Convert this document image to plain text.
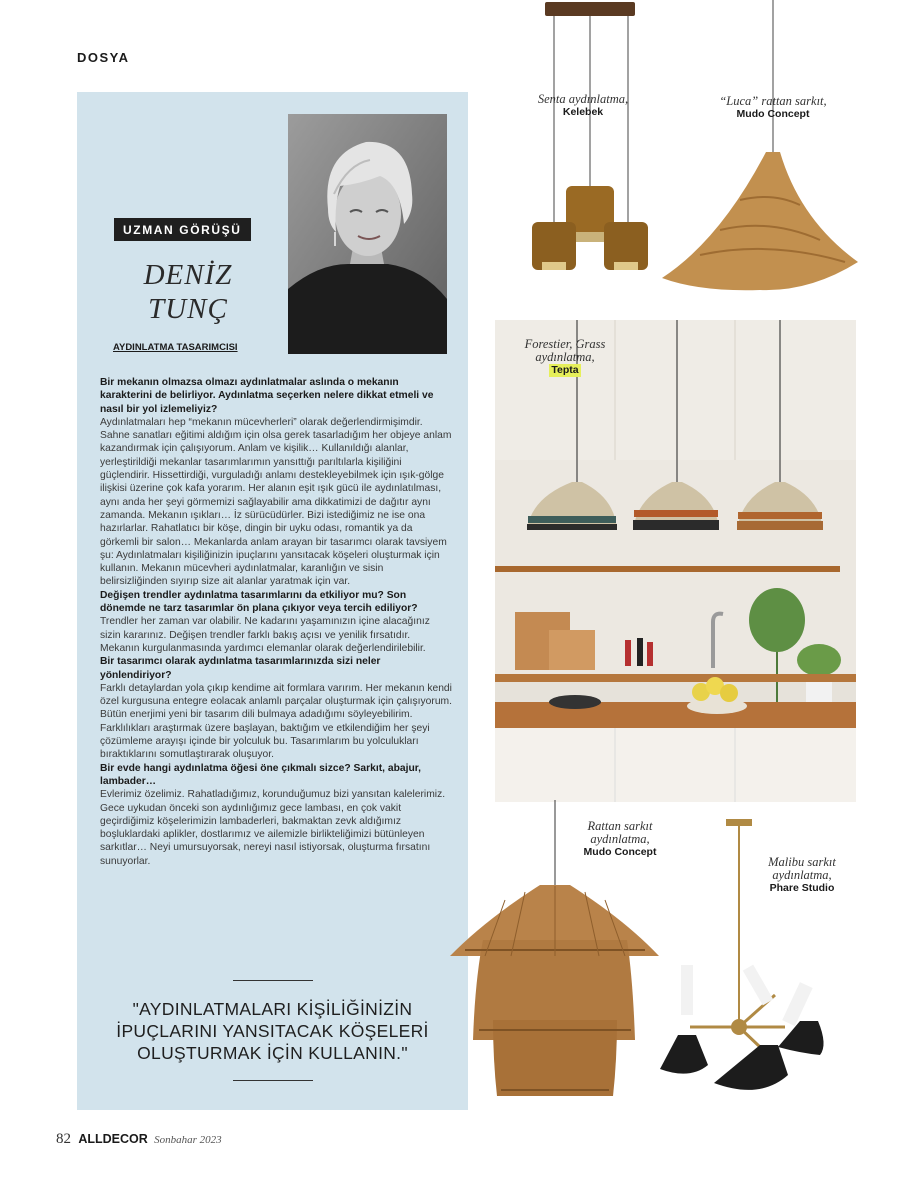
DOSYA
UZMAN GÖRÜŞÜ
DENİZ
TUNÇ
AYDINLATMA TASARIMCISI

Bir mekanın olmazsa olmazı aydınlatmalar aslında o mekanın karakterini de belirliyor. Aydınlatma seçerken nelere dikkat etmeli ve nasıl bir yol izlemeliyiz?

Aydınlatmaları hep “mekanın mücevherleri” olarak değerlendirmişimdir. Sahne sanatları eğitimi aldığım için olsa gerek tasarladığım her objeye anlam kazandırmak için çalışıyorum. Anlam ve kişilik… Kullanıldığı alanlar, yerleştirildiği mekanlar tasarımlarımın yansıttığı parıltılarla kişiliğini güçlendirir. Hissettirdiği, vurguladığı anlamı destekleyebilmek için ışık-gölge ilişkisi üzerine çok kafa yorarım. Her alanın eşit ışık gücü ile aydınlatılması, aynı anda her şeyi görmemizi sağlayabilir ama dikkatimizi de dağıtır aynı zamanda. Mekanın ışıkları… İz sürücüdürler. Bizi istediğimiz ne ise ona hazırlarlar. Rahatlatıcı bir köşe, dingin bir uyku odası, romantik ya da görkemli bir salon… Mekanlarda anlam arayan bir tasarımcı olarak tavsiyem şu: Aydınlatmaları kişiliğinizin ipuçlarını yansıtacak köşeleri oluşturmak için kullanın. Mekanın mücevheri aydınlatmalar, karanlığın ve sisin belirsizliğinden sıyırıp size ait alanlar yaratmak için var.

Değişen trendler aydınlatma tasarımlarını da etkiliyor mu? Son dönemde ne tarz tasarımlar ön plana çıkıyor veya tercih ediliyor?

Trendler her zaman var olabilir. Ne kadarını yaşamınızın içine alacağınız sizin kararınız. Değişen trendler farklı bakış açısı ve yenilik fırsatıdır. Mekanın kurgulanmasında yardımcı elemanlar olarak değerlendirilebilir.

Bir tasarımcı olarak aydınlatma tasarımlarınızda sizi neler yönlendiriyor?

Farklı detaylardan yola çıkıp kendime ait formlara varırım. Her mekanın kendi özel kurgusuna entegre eolacak anlamlı parçalar oluşturmak için çalışıyorum. Bütün enerjimi yeni bir tasarım dili bulmaya adadığımı söyleyebilirim. Farklılıkları araştırmak üzere başlayan, baktığım ve etkilendiğim her şeyi çözümleme arayışı içinde bir yolculuk bu. Tasarımlarım bu yolculukları bıraktıklarını somutlaştırarak oluşuyor.

Bir evde hangi aydınlatma öğesi öne çıkmalı sizce? Sarkıt, abajur, lambader…

Evlerimiz özelimiz. Rahatladığımız, korunduğumuz bizi yansıtan kalelerimiz. Gece uykudan önceki son aydınlığımız gece lambası, en çok vakit geçirdiğimiz köşelerimizin lambaderleri, bakmaktan zevk aldığımız boşluklardaki aplikler, dostlarımız ve ailemizle birlikteliğimizi bütünleyen sarkıtlar… Neyi umursuyorsak, nereyi nasıl istiyorsak, oluşturma fırsatını sunuyorlar.

"AYDINLATMALARI KİŞİLİĞİNİZİN İPUÇLARINI YANSITACAK KÖŞELERİ OLUŞTURMAK İÇİN KULLANIN."
Senta aydınlatma,
Kelebek
“Luca” rattan sarkıt,
Mudo Concept
Forestier, Grass
aydınlatma,
Tepta
Rattan sarkıt
aydınlatma,
Mudo Concept
Malibu sarkıt
aydınlatma,
Phare Studio
82 ALLDECOR Sonbahar 2023
